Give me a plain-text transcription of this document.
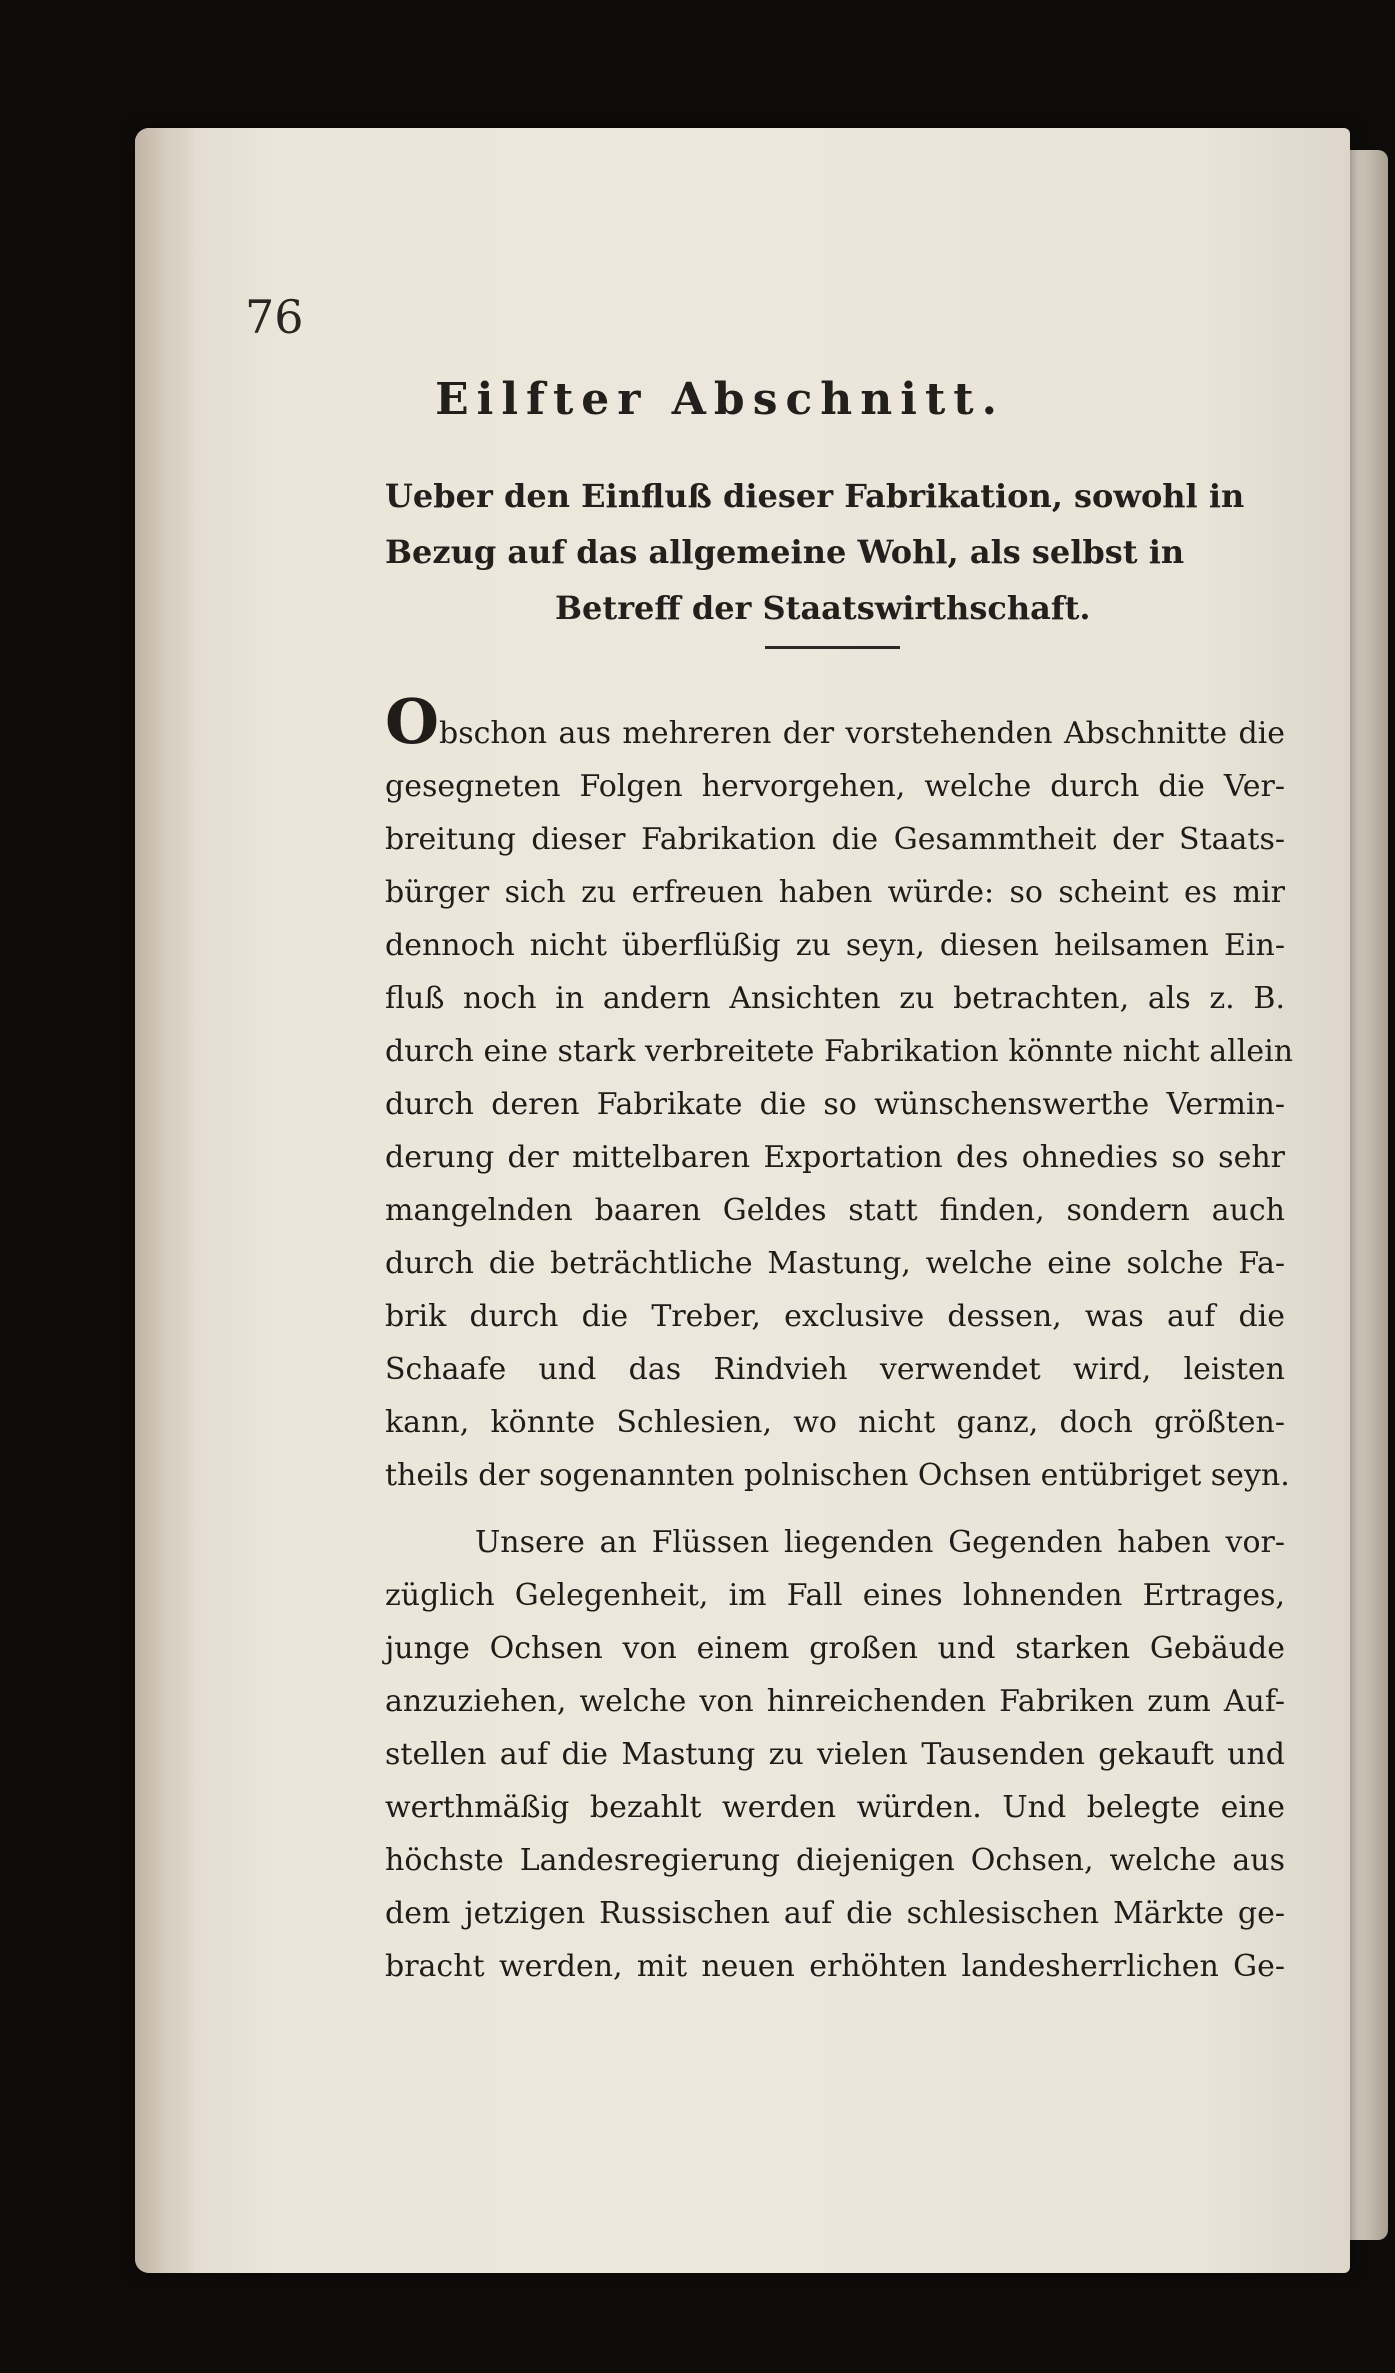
76

Eilfter Abschnitt.
Ueber den Einfluß dieser Fabrikation, sowohl in
Bezug auf das allgemeine Wohl, als selbst in
Betreff der Staatswirthschaft.

Obschon aus mehreren der vorstehenden Abschnitte die
gesegneten Folgen hervorgehen, welche durch die Ver-
breitung dieser Fabrikation die Gesammtheit der Staats-
bürger sich zu erfreuen haben würde: so scheint es mir
dennoch nicht überflüßig zu seyn, diesen heilsamen Ein-
fluß noch in andern Ansichten zu betrachten, als z. B.
durch eine stark verbreitete Fabrikation könnte nicht allein
durch deren Fabrikate die so wünschenswerthe Vermin-
derung der mittelbaren Exportation des ohnedies so sehr
mangelnden baaren Geldes statt finden, sondern auch
durch die beträchtliche Mastung, welche eine solche Fa-
brik durch die Treber, exclusive dessen, was auf die
Schaafe und das Rindvieh verwendet wird, leisten
kann, könnte Schlesien, wo nicht ganz, doch größten-
theils der sogenannten polnischen Ochsen entübriget seyn.

Unsere an Flüssen liegenden Gegenden haben vor-
züglich Gelegenheit, im Fall eines lohnenden Ertrages,
junge Ochsen von einem großen und starken Gebäude
anzuziehen, welche von hinreichenden Fabriken zum Auf-
stellen auf die Mastung zu vielen Tausenden gekauft und
werthmäßig bezahlt werden würden. Und belegte eine
höchste Landesregierung diejenigen Ochsen, welche aus
dem jetzigen Russischen auf die schlesischen Märkte ge-
bracht werden, mit neuen erhöhten landesherrlichen Ge-
